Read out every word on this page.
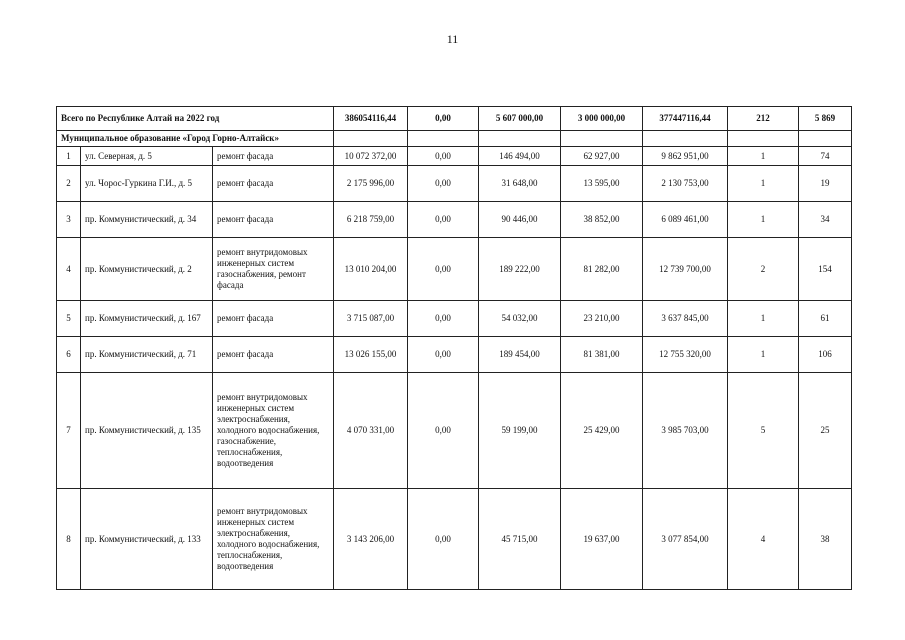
11
Всего по Республике Алтай на 2022 год			386054116,44	0,00	5 607 000,00	3 000 000,00	377447116,44	212	5 869
Муниципальное образование «Город Горно-Алтайск»									
1	ул. Северная, д. 5	ремонт фасада	10 072 372,00	0,00	146 494,00	62 927,00	9 862 951,00	1	74
2	ул. Чорос-Гуркина Г.И., д. 5	ремонт фасада	2 175 996,00	0,00	31 648,00	13 595,00	2 130 753,00	1	19
3	пр. Коммунистический, д. 34	ремонт фасада	6 218 759,00	0,00	90 446,00	38 852,00	6 089 461,00	1	34
4	пр. Коммунистический, д. 2	ремонт внутридомовых инженерных систем газоснабжения, ремонт фасада	13 010 204,00	0,00	189 222,00	81 282,00	12 739 700,00	2	154
5	пр. Коммунистический, д. 167	ремонт фасада	3 715 087,00	0,00	54 032,00	23 210,00	3 637 845,00	1	61
6	пр. Коммунистический, д. 71	ремонт фасада	13 026 155,00	0,00	189 454,00	81 381,00	12 755 320,00	1	106
7	пр. Коммунистический, д. 135	ремонт внутридомовых инженерных систем электроснабжения, холодного водоснабжения, газоснабжение, теплоснабжения, водоотведения	4 070 331,00	0,00	59 199,00	25 429,00	3 985 703,00	5	25
8	пр. Коммунистический, д. 133	ремонт внутридомовых инженерных систем электроснабжения, холодного водоснабжения, теплоснабжения, водоотведения	3 143 206,00	0,00	45 715,00	19 637,00	3 077 854,00	4	38
